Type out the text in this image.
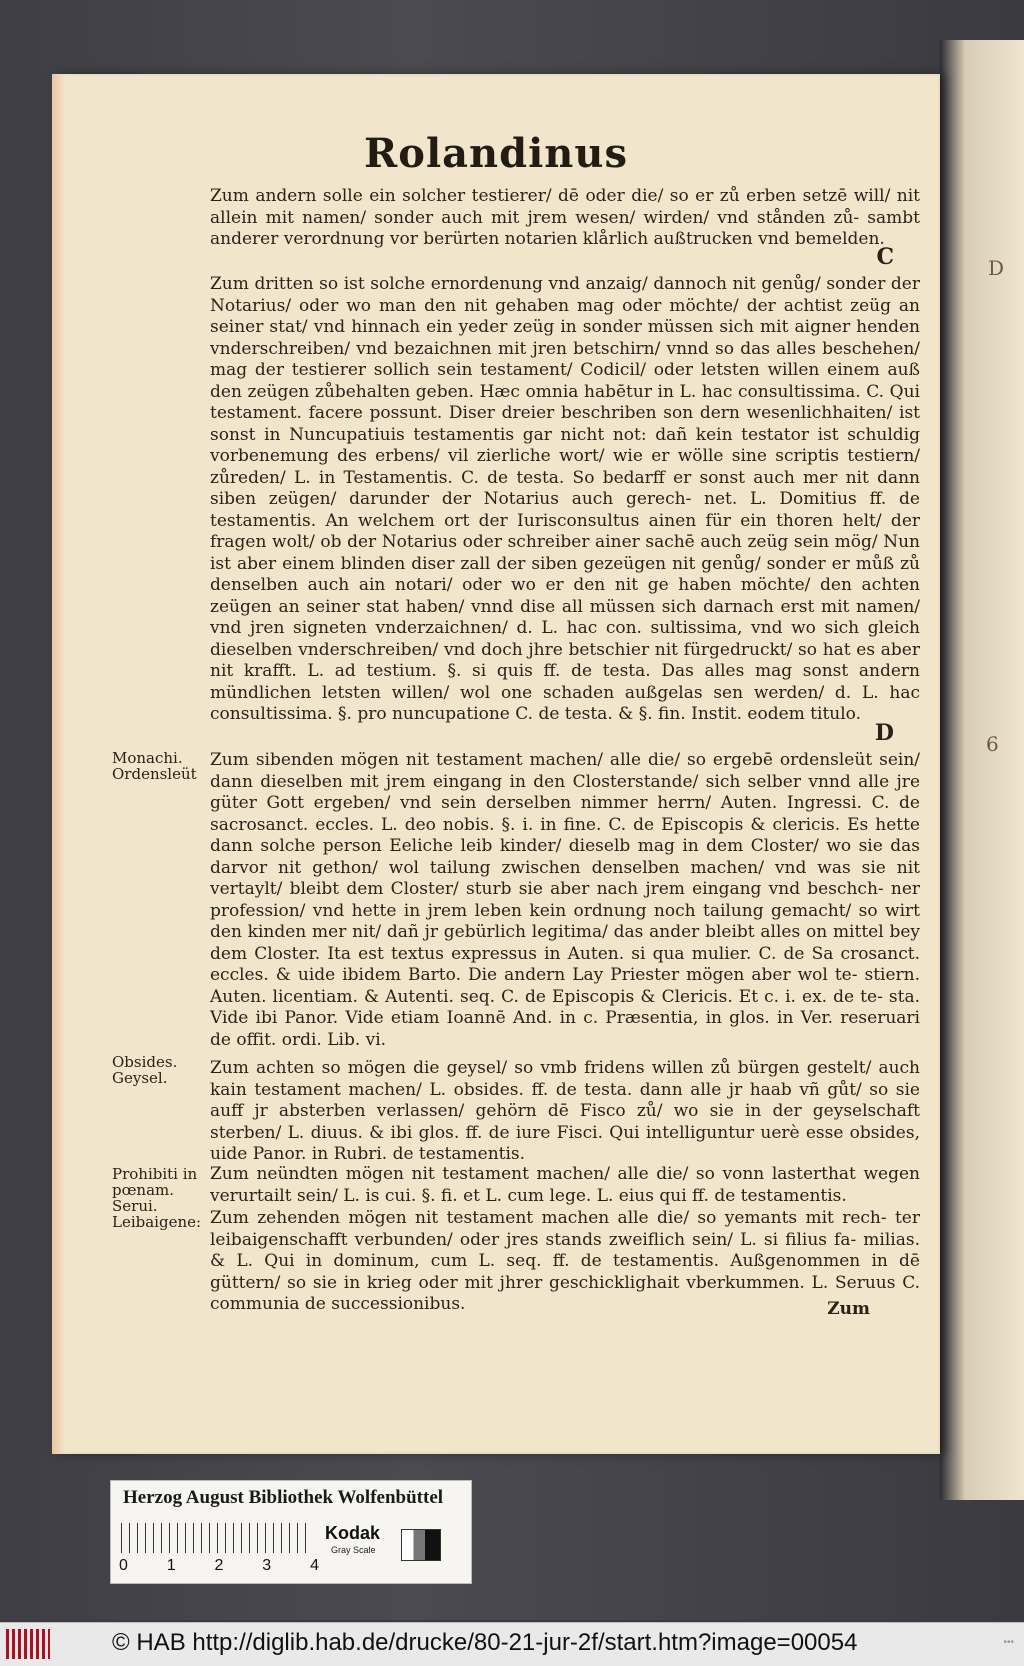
D
6
Rolandinus
Zum andern solle ein solcher testierer/ dē oder die/ so er zů erben setzē will/ nit allein mit namen/ sonder auch mit jrem wesen/ wirden/ vnd stånden zů- sambt anderer verordnung vor berürten notarien klårlich außtrucken vnd bemelden.
Zum dritten so ist solche ernordenung vnd anzaig/ dannoch nit genůg/ sonder der Notarius/ oder wo man den nit gehaben mag oder möchte/ der achtist zeüg an seiner stat/ vnd hinnach ein yeder zeüg in sonder müssen sich mit aigner henden vnderschreiben/ vnd bezaichnen mit jren betschirn/ vnnd so das alles beschehen/ mag der testierer sollich sein testament/ Codicil/ oder letsten willen einem auß den zeügen zůbehalten geben. Hæc omnia habētur in L. hac consultissima. C. Qui testament. facere possunt. Diser dreier beschriben son dern wesenlichhaiten/ ist sonst in Nuncupatiuis testamentis gar nicht not: dañ kein testator ist schuldig vorbenemung des erbens/ vil zierliche wort/ wie er wölle sine scriptis testiern/ zůreden/ L. in Testamentis. C. de testa. So bedarff er sonst auch mer nit dann siben zeügen/ darunder der Notarius auch gerech- net. L. Domitius ff. de testamentis. An welchem ort der Iurisconsultus ainen für ein thoren helt/ der fragen wolt/ ob der Notarius oder schreiber ainer sachē auch zeüg sein mög/ Nun ist aber einem blinden diser zall der siben gezeügen nit genůg/ sonder er můß zů denselben auch ain notari/ oder wo er den nit ge haben möchte/ den achten zeügen an seiner stat haben/ vnnd dise all müssen sich darnach erst mit namen/ vnd jren signeten vnderzaichnen/ d. L. hac con. sultissima, vnd wo sich gleich dieselben vnderschreiben/ vnd doch jhre betschier nit fürgedruckt/ so hat es aber nit krafft. L. ad testium. §. si quis ff. de testa. Das alles mag sonst andern mündlichen letsten willen/ wol one schaden außgelas sen werden/ d. L. hac consultissima. §. pro nuncupatione C. de testa. & §. fin. Instit. eodem titulo.
Zum sibenden mögen nit testament machen/ alle die/ so ergebē ordensleüt sein/ dann dieselben mit jrem eingang in den Closterstande/ sich selber vnnd alle jre güter Gott ergeben/ vnd sein derselben nimmer herrn/ Auten. Ingressi. C. de sacrosanct. eccles. L. deo nobis. §. i. in fine. C. de Episcopis & clericis. Es hette dann solche person Eeliche leib kinder/ dieselb mag in dem Closter/ wo sie das darvor nit gethon/ wol tailung zwischen denselben machen/ vnd was sie nit vertaylt/ bleibt dem Closter/ sturb sie aber nach jrem eingang vnd beschch- ner profession/ vnd hette in jrem leben kein ordnung noch tailung gemacht/ so wirt den kinden mer nit/ dañ jr gebürlich legitima/ das ander bleibt alles on mittel bey dem Closter. Ita est textus expressus in Auten. si qua mulier. C. de Sa crosanct. eccles. & uide ibidem Barto. Die andern Lay Priester mögen aber wol te- stiern. Auten. licentiam. & Autenti. seq. C. de Episcopis & Clericis. Et c. i. ex. de te- sta. Vide ibi Panor. Vide etiam Ioannē And. in c. Præsentia, in glos. in Ver. reseruari de offit. ordi. Lib. vi.
Zum achten so mögen die geysel/ so vmb fridens willen zů bürgen gestelt/ auch kain testament machen/ L. obsides. ff. de testa. dann alle jr haab vñ gůt/ so sie auff jr absterben verlassen/ gehörn dē Fisco zů/ wo sie in der geyselschaft sterben/ L. diuus. & ibi glos. ff. de iure Fisci. Qui intelliguntur uerè esse obsides, uide Panor. in Rubri. de testamentis.
Zum neündten mögen nit testament machen/ alle die/ so vonn lasterthat wegen verurtailt sein/ L. is cui. §. fi. et L. cum lege. L. eius qui ff. de testamentis.
Zum zehenden mögen nit testament machen alle die/ so yemants mit rech- ter leibaigenschafft verbunden/ oder jres stands zweiflich sein/ L. si filius fa- milias. & L. Qui in dominum, cum L. seq. ff. de testamentis. Außgenommen in dē güttern/ so sie in krieg oder mit jhrer geschicklighait vberkummen. L. Seruus C. communia de successionibus.	Zum
Monachi. Ordensleüt
Obsides. Geysel.
Prohibiti in pœnam. Serui. Leibaigene:
C
D
Herzog August Bibliothek Wolfenbüttel
0 1 2 3 4
Kodak
Gray Scale
© HAB http://diglib.hab.de/drucke/80-21-jur-2f/start.htm?image=00054	•••
